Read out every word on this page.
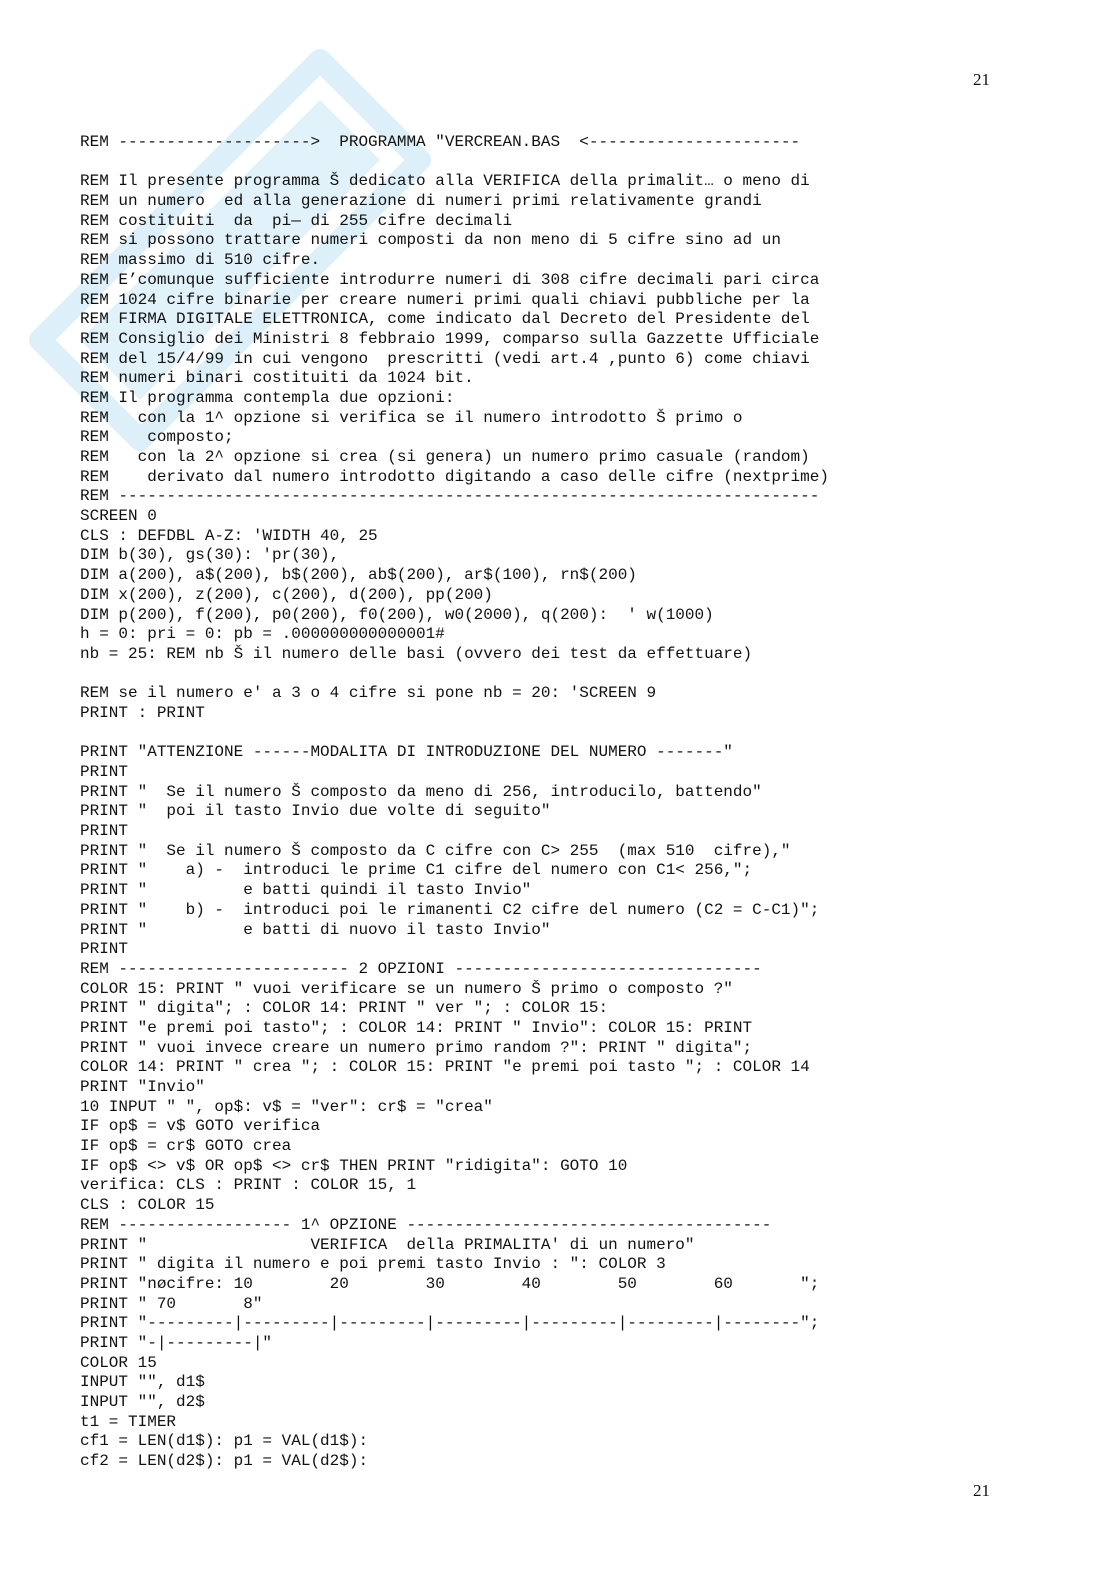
21
REM -------------------->  PROGRAMMA "VERCREAN.BAS  <----------------------
REM Il presente programma Š dedicato alla VERIFICA della primalit… o meno di
REM un numero  ed alla generazione di numeri primi relativamente grandi
REM costituiti  da  pi— di 255 cifre decimali
REM si possono trattare numeri composti da non meno di 5 cifre sino ad un
REM massimo di 510 cifre.
REM E’comunque sufficiente introdurre numeri di 308 cifre decimali pari circa
REM 1024 cifre binarie per creare numeri primi quali chiavi pubbliche per la
REM FIRMA DIGITALE ELETTRONICA, come indicato dal Decreto del Presidente del
REM Consiglio dei Ministri 8 febbraio 1999, comparso sulla Gazzette Ufficiale
REM del 15/4/99 in cui vengono  prescritti (vedi art.4 ,punto 6) come chiavi
REM numeri binari costituiti da 1024 bit.
REM Il programma contempla due opzioni:
REM   con la 1^ opzione si verifica se il numero introdotto Š primo o
REM    composto;
REM   con la 2^ opzione si crea (si genera) un numero primo casuale (random)
REM    derivato dal numero introdotto digitando a caso delle cifre (nextprime)
REM -------------------------------------------------------------------------
SCREEN 0
CLS : DEFDBL A-Z: 'WIDTH 40, 25
DIM b(30), gs(30): 'pr(30),
DIM a(200), a$(200), b$(200), ab$(200), ar$(100), rn$(200)
DIM x(200), z(200), c(200), d(200), pp(200)
DIM p(200), f(200), p0(200), f0(200), w0(2000), q(200):  ' w(1000)
h = 0: pri = 0: pb = .000000000000001#
nb = 25: REM nb Š il numero delle basi (ovvero dei test da effettuare)
REM se il numero e' a 3 o 4 cifre si pone nb = 20: 'SCREEN 9
PRINT : PRINT
PRINT "ATTENZIONE ------MODALITA DI INTRODUZIONE DEL NUMERO -------"
PRINT
PRINT "  Se il numero Š composto da meno di 256, introducilo, battendo"
PRINT "  poi il tasto Invio due volte di seguito"
PRINT
PRINT "  Se il numero Š composto da C cifre con C> 255  (max 510  cifre),"
PRINT "    a) -  introduci le prime C1 cifre del numero con C1< 256,";
PRINT "          e batti quindi il tasto Invio"
PRINT "    b) -  introduci poi le rimanenti C2 cifre del numero (C2 = C-C1)";
PRINT "          e batti di nuovo il tasto Invio"
PRINT
REM ------------------------ 2 OPZIONI --------------------------------
COLOR 15: PRINT " vuoi verificare se un numero Š primo o composto ?"
PRINT " digita"; : COLOR 14: PRINT " ver "; : COLOR 15:
PRINT "e premi poi tasto"; : COLOR 14: PRINT " Invio": COLOR 15: PRINT
PRINT " vuoi invece creare un numero primo random ?": PRINT " digita";
COLOR 14: PRINT " crea "; : COLOR 15: PRINT "e premi poi tasto "; : COLOR 14
PRINT "Invio"
10 INPUT " ", op$: v$ = "ver": cr$ = "crea"
IF op$ = v$ GOTO verifica
IF op$ = cr$ GOTO crea
IF op$ <> v$ OR op$ <> cr$ THEN PRINT "ridigita": GOTO 10
verifica: CLS : PRINT : COLOR 15, 1
CLS : COLOR 15
REM ------------------ 1^ OPZIONE --------------------------------------
PRINT "                 VERIFICA  della PRIMALITA' di un numero"
PRINT " digita il numero e poi premi tasto Invio : ": COLOR 3
PRINT "nøcifre: 10        20        30        40        50        60       ";
PRINT " 70       8"
PRINT "---------|---------|---------|---------|---------|---------|--------";
PRINT "-|---------|"
COLOR 15
INPUT "", d1$
INPUT "", d2$
t1 = TIMER
cf1 = LEN(d1$): p1 = VAL(d1$):
cf2 = LEN(d2$): p1 = VAL(d2$):
21
